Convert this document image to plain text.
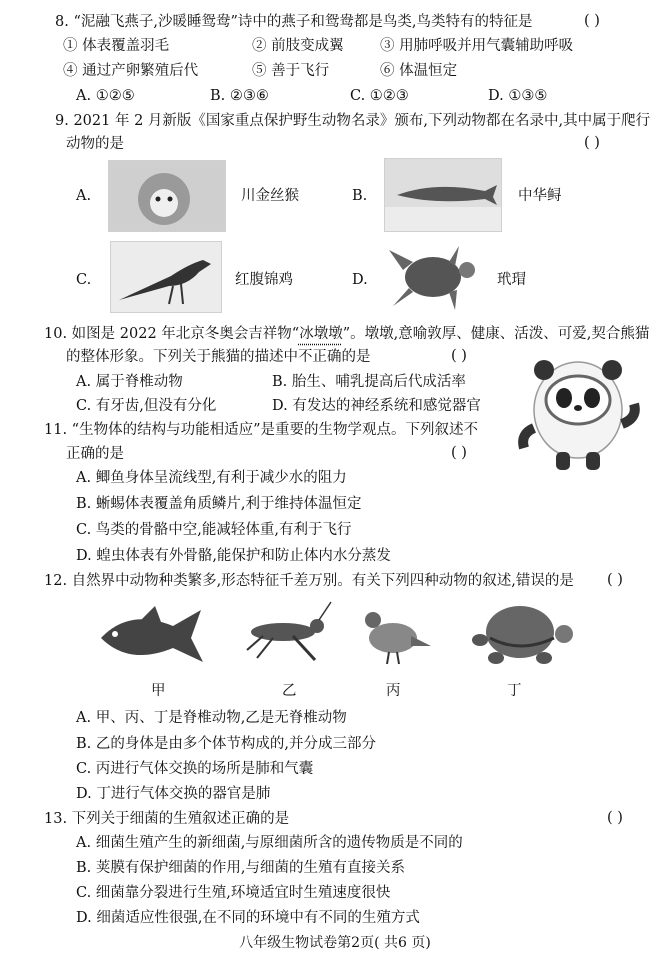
8. “泥融飞燕子,沙暖睡鸳鸯”诗中的燕子和鸳鸯都是鸟类,鸟类特有的特征是	( )
① 体表覆盖羽毛	② 前肢变成翼	③ 用肺呼吸并用气囊辅助呼吸
④ 通过产卵繁殖后代	⑤ 善于飞行	⑥ 体温恒定
A. ①②⑤	B. ②③⑥	C. ①②③	D. ①③⑤
9. 2021 年 2 月新版《国家重点保护野生动物名录》颁布,下列动物都在名录中,其中属于爬行
动物的是	( )
A.	川金丝猴	B.	中华鲟
C.	红腹锦鸡	D.	玳瑁
10. 如图是 2022 年北京冬奥会吉祥物“冰墩墩”。墩墩,意喻敦厚、健康、活泼、可爱,契合熊猫
的整体形象。下列关于熊猫的描述中不正确的是	( )
A. 属于脊椎动物	B. 胎生、哺乳提高后代成活率
C. 有牙齿,但没有分化	D. 有发达的神经系统和感觉器官
11. “生物体的结构与功能相适应”是重要的生物学观点。下列叙述不
正确的是	( )
A. 鲫鱼身体呈流线型,有利于减少水的阻力
B. 蜥蜴体表覆盖角质鳞片,利于维持体温恒定
C. 鸟类的骨骼中空,能减轻体重,有利于飞行
D. 蝗虫体表有外骨骼,能保护和防止体内水分蒸发
12. 自然界中动物种类繁多,形态特征千差万别。有关下列四种动物的叙述,错误的是 ( )
甲	乙	丙	丁
A. 甲、丙、丁是脊椎动物,乙是无脊椎动物
B. 乙的身体是由多个体节构成的,并分成三部分
C. 丙进行气体交换的场所是肺和气囊
D. 丁进行气体交换的器官是肺
13. 下列关于细菌的生殖叙述正确的是	( )
A. 细菌生殖产生的新细菌,与原细菌所含的遗传物质是不同的
B. 荚膜有保护细菌的作用,与细菌的生殖有直接关系
C. 细菌靠分裂进行生殖,环境适宜时生殖速度很快
D. 细菌适应性很强,在不同的环境中有不同的生殖方式
八年级生物试卷第2页( 共6 页)
